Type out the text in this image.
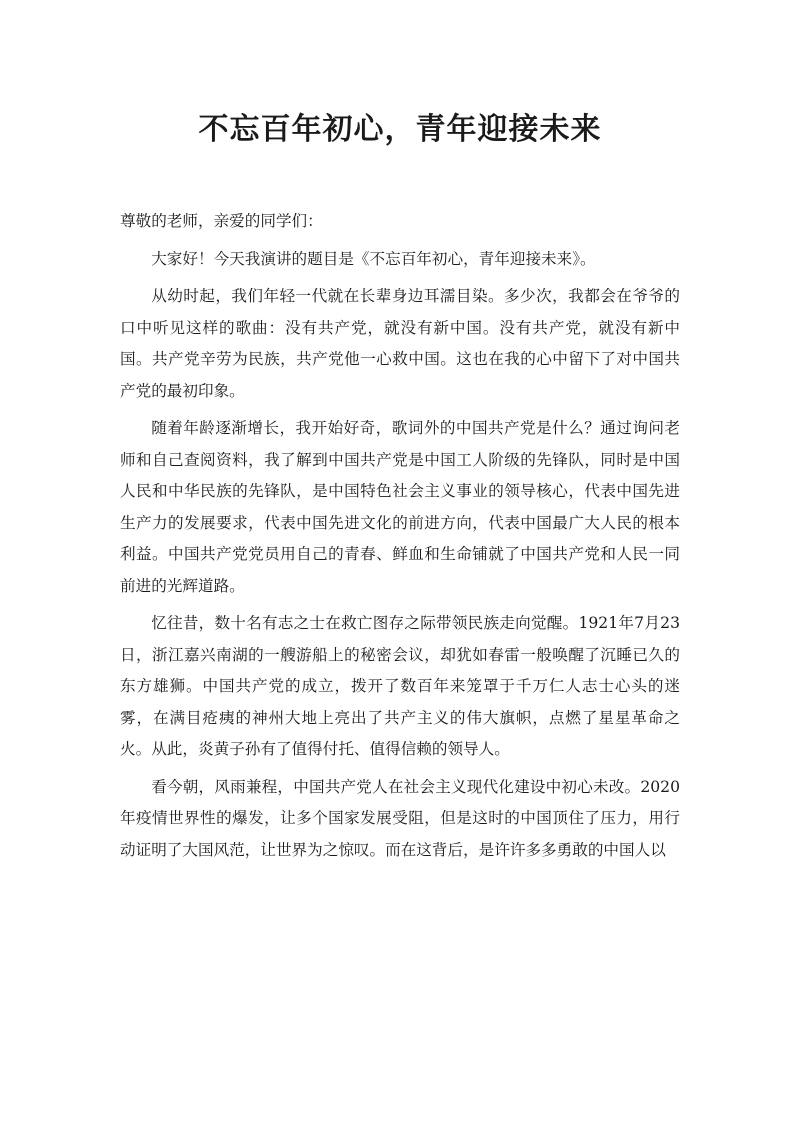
不忘百年初心，青年迎接未来

尊敬的老师，亲爱的同学们：

大家好！今天我演讲的题目是《不忘百年初心，青年迎接未来》。

从幼时起，我们年轻一代就在长辈身边耳濡目染。多少次，我都会在爷爷的口中听见这样的歌曲：没有共产党，就没有新中国。没有共产党，就没有新中国。共产党辛劳为民族，共产党他一心救中国。这也在我的心中留下了对中国共产党的最初印象。

随着年龄逐渐增长，我开始好奇，歌词外的中国共产党是什么？通过询问老师和自己查阅资料，我了解到中国共产党是中国工人阶级的先锋队，同时是中国人民和中华民族的先锋队，是中国特色社会主义事业的领导核心，代表中国先进生产力的发展要求，代表中国先进文化的前进方向，代表中国最广大人民的根本利益。中国共产党党员用自己的青春、鲜血和生命铺就了中国共产党和人民一同前进的光辉道路。

忆往昔，数十名有志之士在救亡图存之际带领民族走向觉醒。1921年7月23日，浙江嘉兴南湖的一艘游船上的秘密会议，却犹如春雷一般唤醒了沉睡已久的东方雄狮。中国共产党的成立，拨开了数百年来笼罩于千万仁人志士心头的迷雾，在满目疮痍的神州大地上亮出了共产主义的伟大旗帜，点燃了星星革命之火。从此，炎黄子孙有了值得付托、值得信赖的领导人。

看今朝，风雨兼程，中国共产党人在社会主义现代化建设中初心未改。2020年疫情世界性的爆发，让多个国家发展受阻，但是这时的中国顶住了压力，用行动证明了大国风范，让世界为之惊叹。而在这背后，是许许多多勇敢的中国人以
